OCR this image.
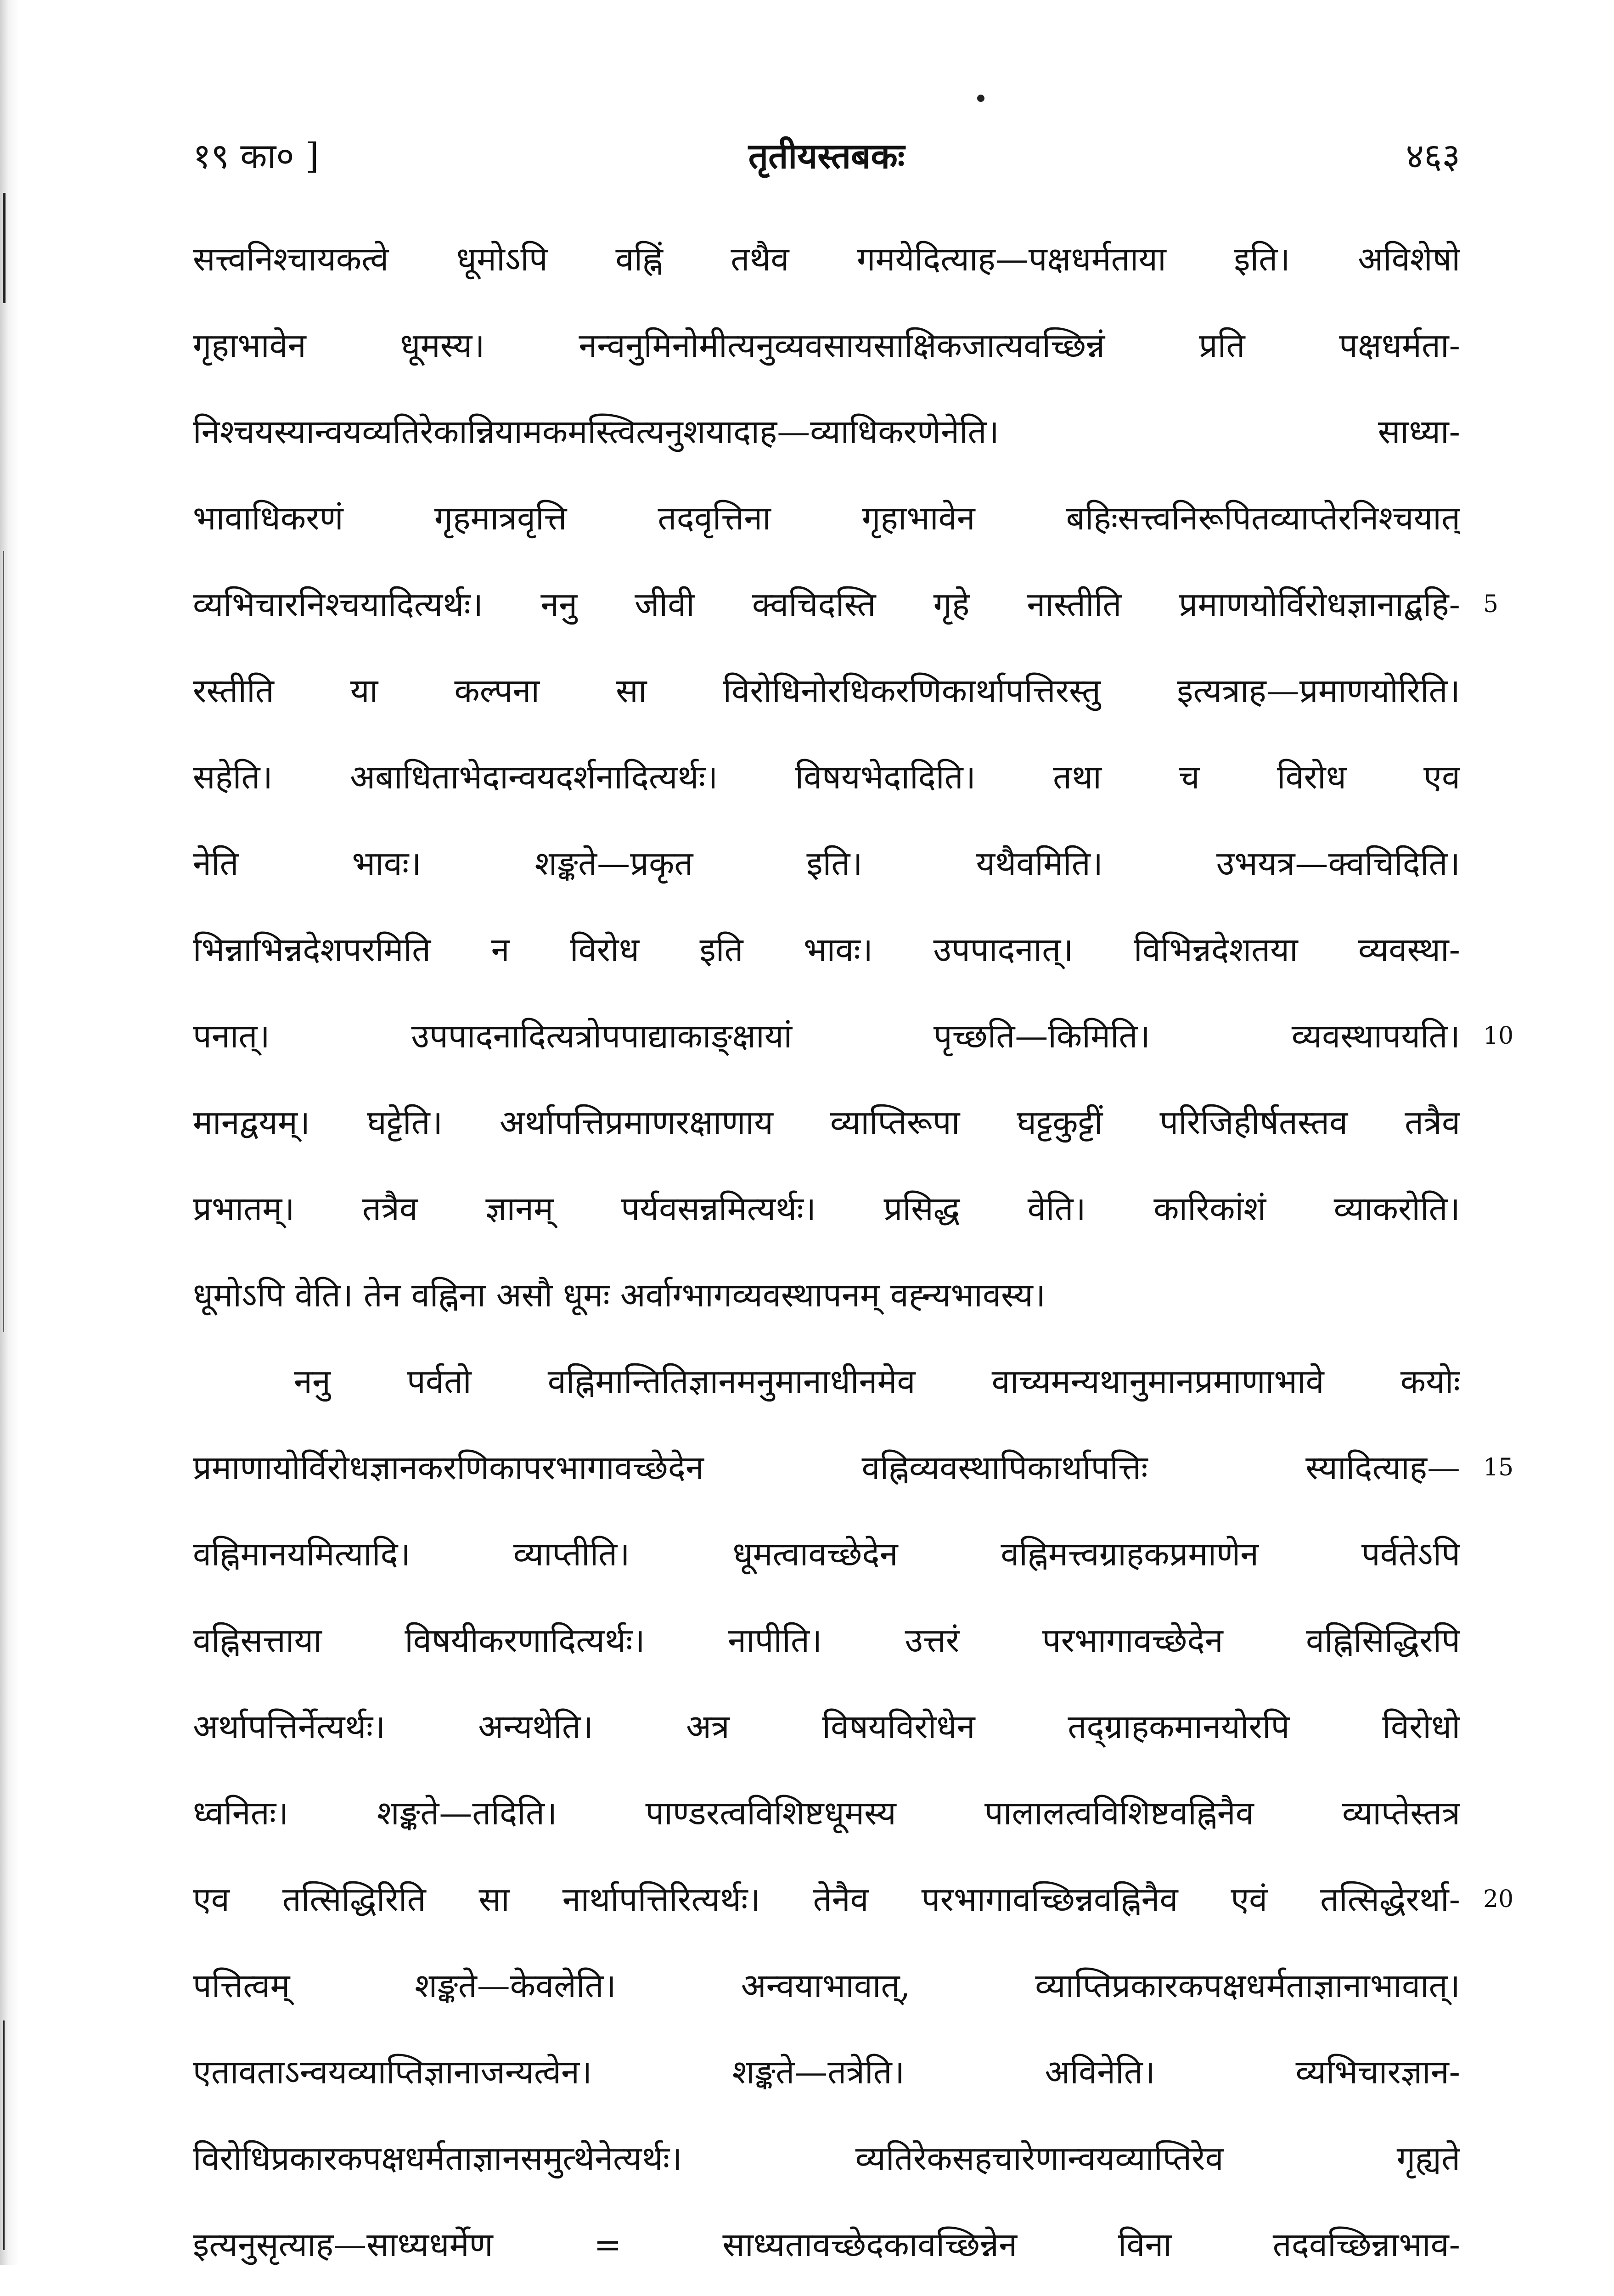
१९ का० ]	तृतीयस्तबकः	४६३
सत्त्वनिश्चायकत्वे धूमोऽपि वह्निं तथैव गमयेदित्याह—पक्षधर्मताया इति। अविशेषो
गृहाभावेन धूमस्य। नन्वनुमिनोमीत्यनुव्यवसायसाक्षिकजात्यवच्छिन्नं प्रति पक्षधर्मता-
निश्चयस्यान्वयव्यतिरेकान्नियामकमस्त्वित्यनुशयादाह—व्याधिकरणेनेति। साध्या-
भावाधिकरणं गृहमात्रवृत्ति तदवृत्तिना गृहाभावेन बहिःसत्त्वनिरूपितव्याप्तेरनिश्चयात्
व्यभिचारनिश्चयादित्यर्थः। ननु जीवी क्वचिदस्ति गृहे नास्तीति प्रमाणयोर्विरोधज्ञानाद्बहि-
रस्तीति या कल्पना सा विरोधिनोरधिकरणिकार्थापत्तिरस्तु इत्यत्राह—प्रमाणयोरिति।
सहेति। अबाधिताभेदान्वयदर्शनादित्यर्थः। विषयभेदादिति। तथा च विरोध एव
नेति भावः। शङ्कते—प्रकृत इति। यथैवमिति। उभयत्र—क्वचिदिति।
भिन्नाभिन्नदेशपरमिति न विरोध इति भावः। उपपादनात्। विभिन्नदेशतया व्यवस्था-
पनात्। उपपादनादित्यत्रोपपाद्याकाङ्क्षायां पृच्छति—किमिति। व्यवस्थापयति।
मानद्वयम्। घट्टेति। अर्थापत्तिप्रमाणरक्षाणाय व्याप्तिरूपा घट्टकुट्टीं परिजिहीर्षतस्तव तत्रैव
प्रभातम्। तत्रैव ज्ञानम् पर्यवसन्नमित्यर्थः। प्रसिद्ध वेति। कारिकांशं व्याकरोति।
धूमोऽपि वेति। तेन वह्निना असौ धूमः अर्वाग्भागव्यवस्थापनम् वह्न्यभावस्य।
ननु पर्वतो वह्निमान्तितिज्ञानमनुमानाधीनमेव वाच्यमन्यथानुमानप्रमाणाभावे कयोः
प्रमाणायोर्विरोधज्ञानकरणिकापरभागावच्छेदेन वह्निव्यवस्थापिकार्थापत्तिः स्यादित्याह—
वह्निमानयमित्यादि। व्याप्तीति। धूमत्वावच्छेदेन वह्निमत्त्वग्राहकप्रमाणेन पर्वतेऽपि
वह्निसत्ताया विषयीकरणादित्यर्थः। नापीति। उत्तरं परभागावच्छेदेन वह्निसिद्धिरपि
अर्थापत्तिर्नेत्यर्थः। अन्यथेति। अत्र विषयविरोधेन तद्ग्राहकमानयोरपि विरोधो
ध्वनितः। शङ्कते—तदिति। पाण्डरत्वविशिष्टधूमस्य पालालत्वविशिष्टवह्निनैव व्याप्तेस्तत्र
एव तत्सिद्धिरिति सा नार्थापत्तिरित्यर्थः। तेनैव परभागावच्छिन्नवह्निनैव एवं तत्सिद्धेरर्था-
पत्तित्वम् शङ्कते—केवलेति। अन्वयाभावात्, व्याप्तिप्रकारकपक्षधर्मताज्ञानाभावात्।
एतावताऽन्वयव्याप्तिज्ञानाजन्यत्वेन। शङ्कते—तत्रेति। अविनेति। व्यभिचारज्ञान-
विरोधिप्रकारकपक्षधर्मताज्ञानसमुत्थेनेत्यर्थः। व्यतिरेकसहचारेणान्वयव्याप्तिरेव गृह्यते
इत्यनुसृत्याह—साध्यधर्मेण = साध्यतावच्छेदकावच्छिन्नेन विना तदवच्छिन्नाभाव-
5
10
15
20
